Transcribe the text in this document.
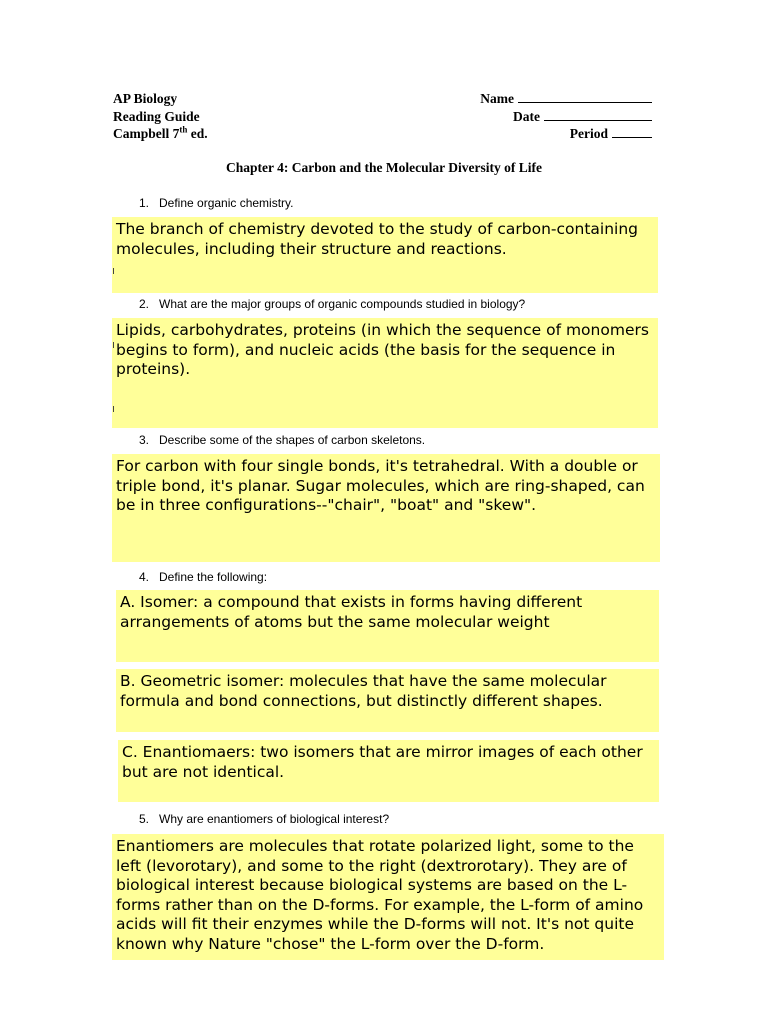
AP Biology
Reading Guide
Campbell 7th ed.
Name
Date
Period
Chapter 4: Carbon and the Molecular Diversity of Life
1. Define organic chemistry.
The branch of chemistry devoted to the study of carbon-containing molecules, including their structure and reactions.
2. What are the major groups of organic compounds studied in biology?
Lipids, carbohydrates, proteins (in which the sequence of monomers begins to form), and nucleic acids (the basis for the sequence in proteins).
3. Describe some of the shapes of carbon skeletons.
For carbon with four single bonds, it's tetrahedral. With a double or triple bond, it's planar. Sugar molecules, which are ring-shaped, can be in three configurations--"chair", "boat" and "skew".
4. Define the following:
A. Isomer: a compound that exists in forms having different arrangements of atoms but the same molecular weight
B. Geometric isomer: molecules that have the same molecular formula and bond connections, but distinctly different shapes.
C. Enantiomaers: two isomers that are mirror images of each other but are not identical.
5. Why are enantiomers of biological interest?
Enantiomers are molecules that rotate polarized light, some to the left (levorotary), and some to the right (dextrorotary). They are of biological interest because biological systems are based on the L-forms rather than on the D-forms. For example, the L-form of amino acids will fit their enzymes while the D-forms will not. It's not quite known why Nature "chose" the L-form over the D-form.
